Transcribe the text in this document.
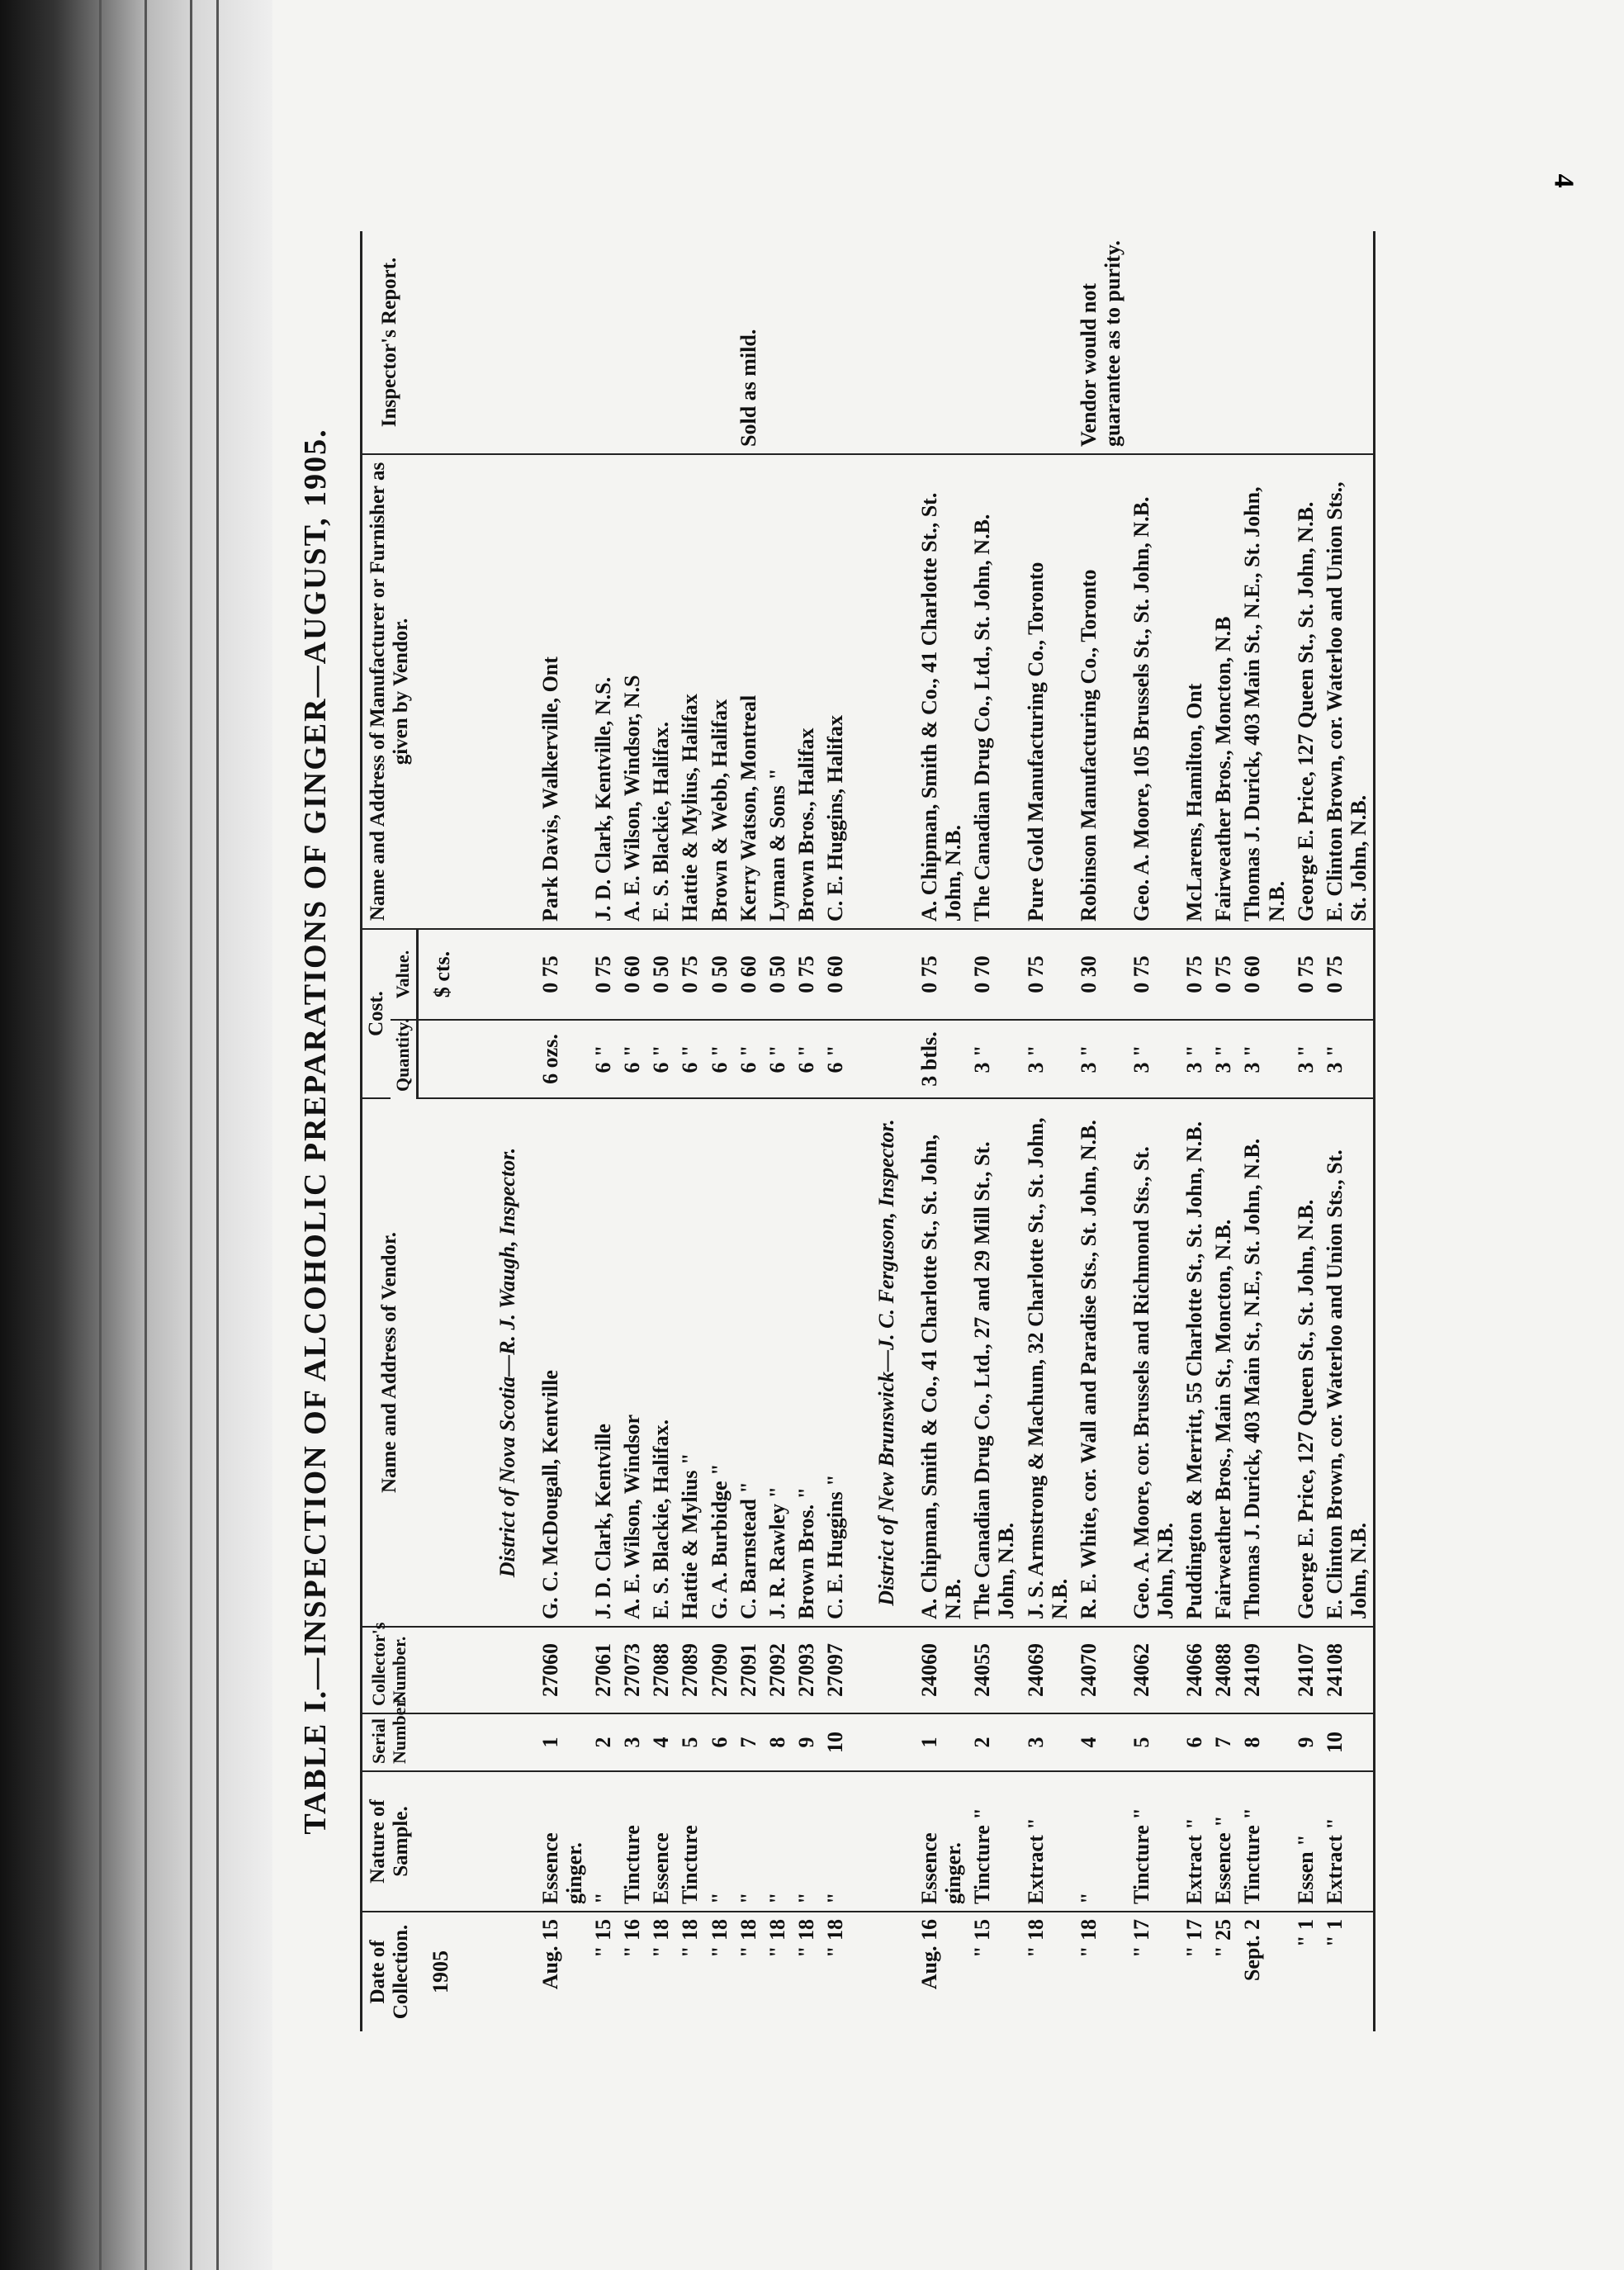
4
TABLE I.—INSPECTION OF ALCOHOLIC PREPARATIONS OF GINGER—AUGUST, 1905.
Date of Collection.	Nature of Sample.	Serial Number.	Collector's Number.	Name and Address of Vendor.	Cost.		Name and Address of Manufacturer or Furnisher as given by Vendor.	Inspector's Report.
					Quantity.	Value.		
1905						$ cts.		
				District of Nova Scotia—R. J. Waugh, Inspector.				
Aug. 15	Essence ginger.	1	27060	G. C. McDougall, Kentville	6 ozs.	0 75	Park Davis, Walkerville, Ont	
" 15	"	2	27061	J. D. Clark, Kentville	6 "	0 75	J. D. Clark, Kentville, N.S.	
" 16	Tincture	3	27073	A. E. Wilson, Windsor	6 "	0 60	A. E. Wilson, Windsor, N.S	
" 18	Essence	4	27088	E. S. Blackie, Halifax.	6 "	0 50	E. S. Blackie, Halifax.	
" 18	Tincture	5	27089	Hattie & Mylius "	6 "	0 75	Hattie & Mylius, Halifax	
" 18	"	6	27090	G. A. Burbidge "	6 "	0 50	Brown & Webb, Halifax	
" 18	"	7	27091	C. Barnstead "	6 "	0 60	Kerry Watson, Montreal	Sold as mild.
" 18	"	8	27092	J. R. Rawley "	6 "	0 50	Lyman & Sons "	
" 18	"	9	27093	Brown Bros. "	6 "	0 75	Brown Bros., Halifax	
" 18	"	10	27097	C. E. Huggins "	6 "	0 60	C. E. Huggins, Halifax	
				District of New Brunswick—J. C. Ferguson, Inspector.				
Aug. 16	Essence ginger.	1	24060	A. Chipman, Smith & Co., 41 Charlotte St., St. John, N.B.	3 btls.	0 75	A. Chipman, Smith & Co., 41 Charlotte St., St. John, N.B.	
" 15	Tincture "	2	24055	The Canadian Drug Co., Ltd., 27 and 29 Mill St., St. John, N.B.	3 "	0 70	The Canadian Drug Co., Ltd., St. John, N.B.	
" 18	Extract "	3	24069	J. S. Armstrong & Machum, 32 Charlotte St., St. John, N.B.	3 "	0 75	Pure Gold Manufacturing Co., Toronto	
" 18	"	4	24070	R. E. White, cor. Wall and Paradise Sts., St. John, N.B.	3 "	0 30	Robinson Manufacturing Co., Toronto	Vendor would not guarantee as to purity.
" 17	Tincture "	5	24062	Geo. A. Moore, cor. Brussels and Richmond Sts., St. John, N.B.	3 "	0 75	Geo. A. Moore, 105 Brussels St., St. John, N.B.	
" 17	Extract "	6	24066	Puddington & Merritt, 55 Charlotte St., St. John, N.B.	3 "	0 75	McLarens, Hamilton, Ont	
" 25	Essence "	7	24088	Fairweather Bros., Main St., Moncton, N.B.	3 "	0 75	Fairweather Bros., Moncton, N.B	
Sept. 2	Tincture "	8	24109	Thomas J. Durick, 403 Main St., N.E., St. John, N.B.	3 "	0 60	Thomas J. Durick, 403 Main St., N.E., St. John, N.B.	
" 1	Essen "	9	24107	George E. Price, 127 Queen St., St. John, N.B.	3 "	0 75	George E. Price, 127 Queen St., St. John, N.B.	
" 1	Extract "	10	24108	E. Clinton Brown, cor. Waterloo and Union Sts., St. John, N.B.	3 "	0 75	E. Clinton Brown, cor. Waterloo and Union Sts., St. John, N.B.	
